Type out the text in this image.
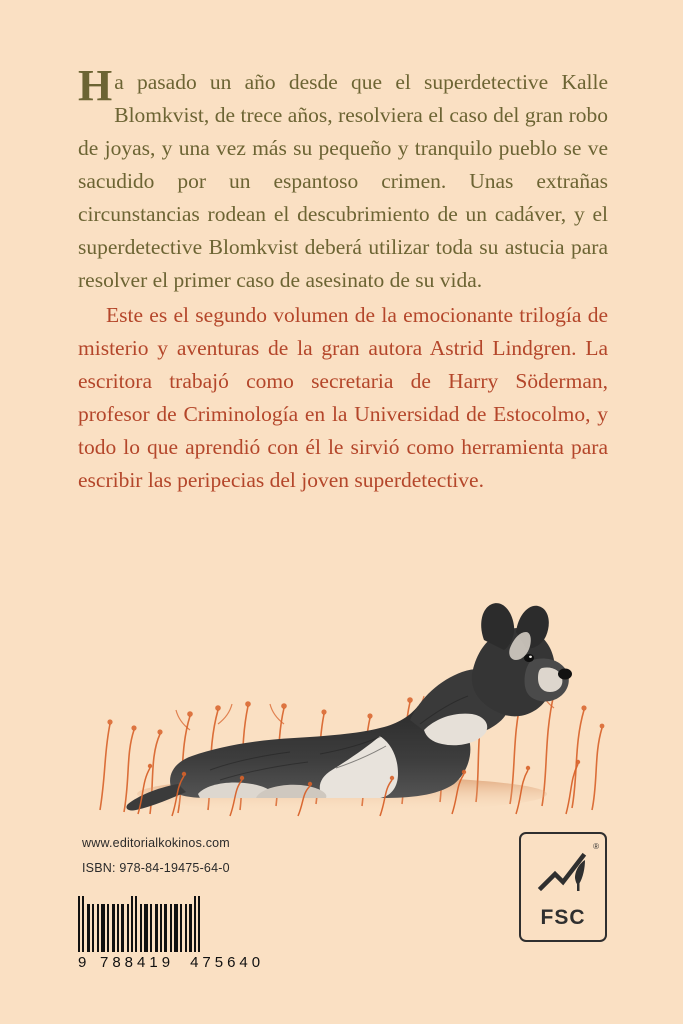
Ha pasado un año desde que el superdetective Kalle Blomkvist, de trece años, resolviera el caso del gran robo de joyas, y una vez más su pequeño y tranquilo pueblo se ve sacudido por un espantoso crimen. Unas extrañas circunstancias rodean el descubrimiento de un cadáver, y el superdetective Blomkvist deberá utilizar toda su astucia para resolver el primer caso de asesinato de su vida.

Este es el segundo volumen de la emocionante trilogía de misterio y aventuras de la gran autora Astrid Lindgren. La escritora trabajó como secretaria de Harry Söderman, profesor de Criminología en la Universidad de Estocolmo, y todo lo que aprendió con él le sirvió como herramienta para escribir las peripecias del joven superdetective.

www.editorialkokinos.com
ISBN: 978-84-19475-64-0
9 788419 475640
®
FSC
